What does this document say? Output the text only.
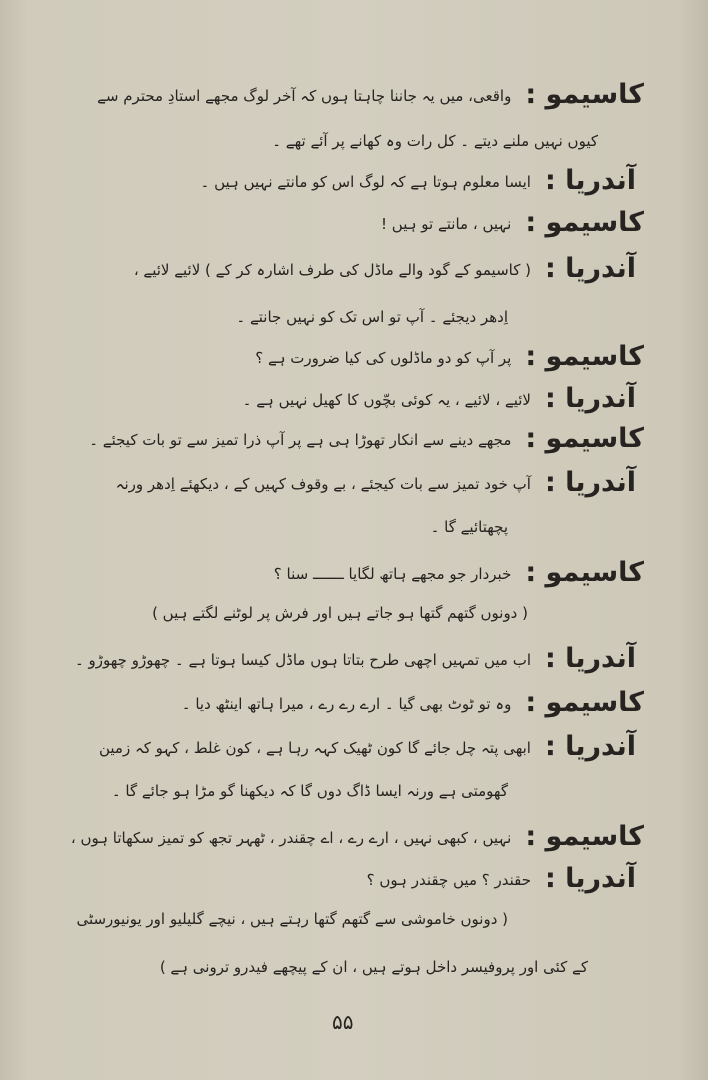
کاسیمو :واقعی، میں یہ جاننا چاہتا ہوں کہ آخر لوگ مجھے استادِ محترم سے
کیوں نہیں ملنے دیتے ۔ کل رات وہ کھانے پر آئے تھے ۔
آندریا :ایسا معلوم ہوتا ہے کہ لوگ اس کو مانتے نہیں ہیں ۔
کاسیمو :نہیں ، مانتے تو ہیں !
آندریا :( کاسیمو کے گود والے ماڈل کی طرف اشارہ کر کے ) لائیے لائیے ،
اِدھر دیجئے ۔ آپ تو اس تک کو نہیں جانتے ۔
کاسیمو :پر آپ کو دو ماڈلوں کی کیا ضرورت ہے ؟
آندریا :لائیے ، لائیے ، یہ کوئی بچّوں کا کھیل نہیں ہے ۔
کاسیمو :مجھے دینے سے انکار تھوڑا ہی ہے پر آپ ذرا تمیز سے تو بات کیجئے ۔
آندریا :آپ خود تمیز سے بات کیجئے ، بے وقوف کہیں کے ، دیکھئے اِدھر ورنہ
پچھتائیے گا ۔
کاسیمو :خبردار جو مجھے ہاتھ لگایا ـــــــ سنا ؟
( دونوں گتھم گتھا ہو جاتے ہیں اور فرش پر لوٹنے لگتے ہیں )
آندریا :اب میں تمہیں اچھی طرح بتاتا ہوں ماڈل کیسا ہوتا ہے ۔ چھوڑو چھوڑو ۔
کاسیمو :وہ تو ٹوٹ بھی گیا ۔ ارے رے رے ، میرا ہاتھ اینٹھ دیا ۔
آندریا :ابھی پتہ چل جائے گا کون ٹھیک کہہ رہا ہے ، کون غلط ، کہو کہ زمین
گھومتی ہے ورنہ ایسا ڈاگ دوں گا کہ دیکھنا گو مڑا ہو جائے گا ۔
کاسیمو :نہیں ، کبھی نہیں ، ارے رے ، اے چقندر ، ٹھہر تجھ کو تمیز سکھاتا ہوں ،
آندریا :حقندر ؟ میں چقندر ہوں ؟
( دونوں خاموشی سے گتھم گتھا رہتے ہیں ، نیچے گلیلیو اور یونیورسٹی
کے کئی اور پروفیسر داخل ہوتے ہیں ، ان کے پیچھے فیدرو ترونی ہے )
۵۵
